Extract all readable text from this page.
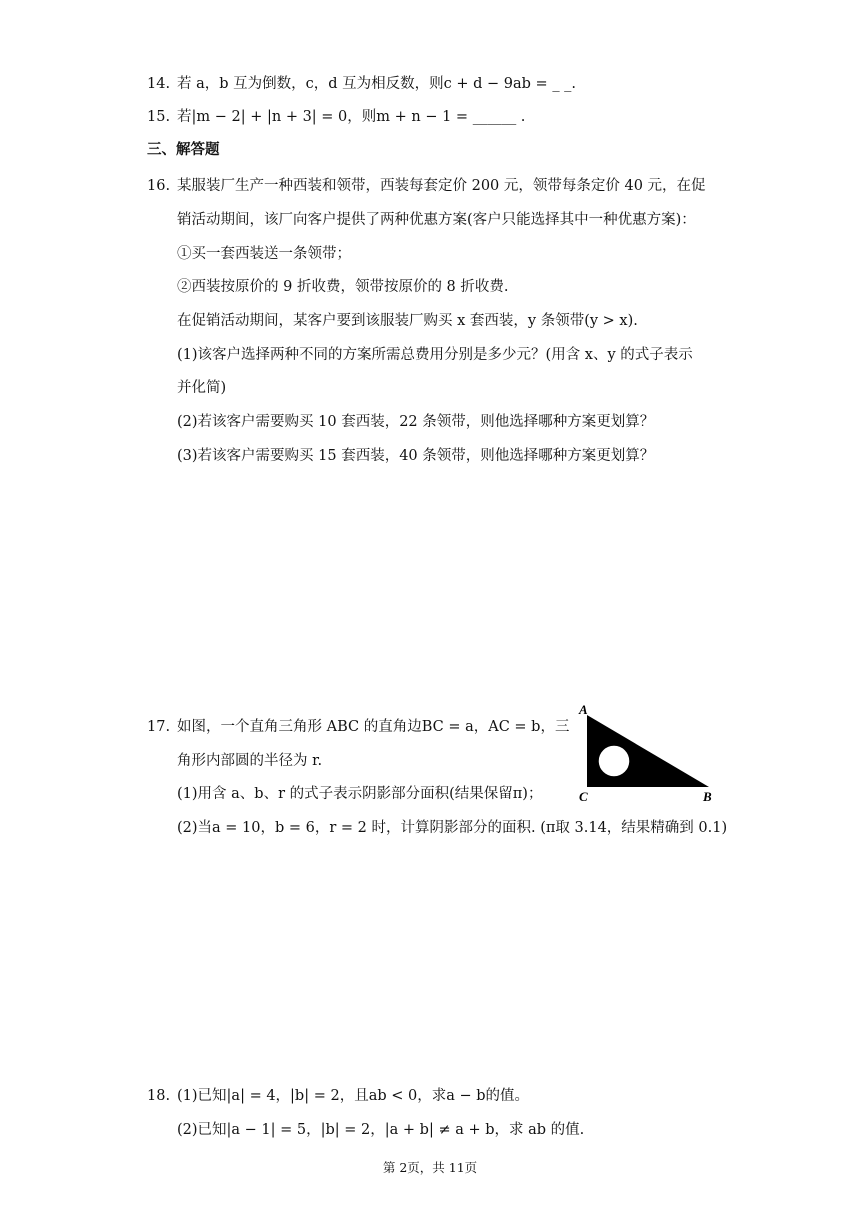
14. 若 a，b 互为倒数，c，d 互为相反数，则c + d − 9ab = _ _.
15. 若|m − 2| + |n + 3| = 0，则m + n − 1 = ______ .
三、解答题
16. 某服装厂生产一种西装和领带，西装每套定价 200 元，领带每条定价 40 元，在促
销活动期间，该厂向客户提供了两种优惠方案(客户只能选择其中一种优惠方案)：
①买一套西装送一条领带；
②西装按原价的 9 折收费，领带按原价的 8 折收费.
在促销活动期间，某客户要到该服装厂购买 x 套西装，y 条领带(y > x).
(1)该客户选择两种不同的方案所需总费用分别是多少元？(用含 x、y 的式子表示
并化简)
(2)若该客户需要购买 10 套西装，22 条领带，则他选择哪种方案更划算？
(3)若该客户需要购买 15 套西装，40 条领带，则他选择哪种方案更划算？
17. 如图，一个直角三角形 ABC 的直角边BC = a，AC = b，三
角形内部圆的半径为 r.
(1)用含 a、b、r 的式子表示阴影部分面积(结果保留π)；
(2)当a = 10，b = 6，r = 2 时，计算阴影部分的面积. (π取 3.14，结果精确到 0.1)
A
C	B
18. (1)已知|a| = 4，|b| = 2，且ab < 0，求a − b的值。
(2)已知|a − 1| = 5，|b| = 2，|a + b| ≠ a + b，求 ab 的值.
第 2页，共 11页
